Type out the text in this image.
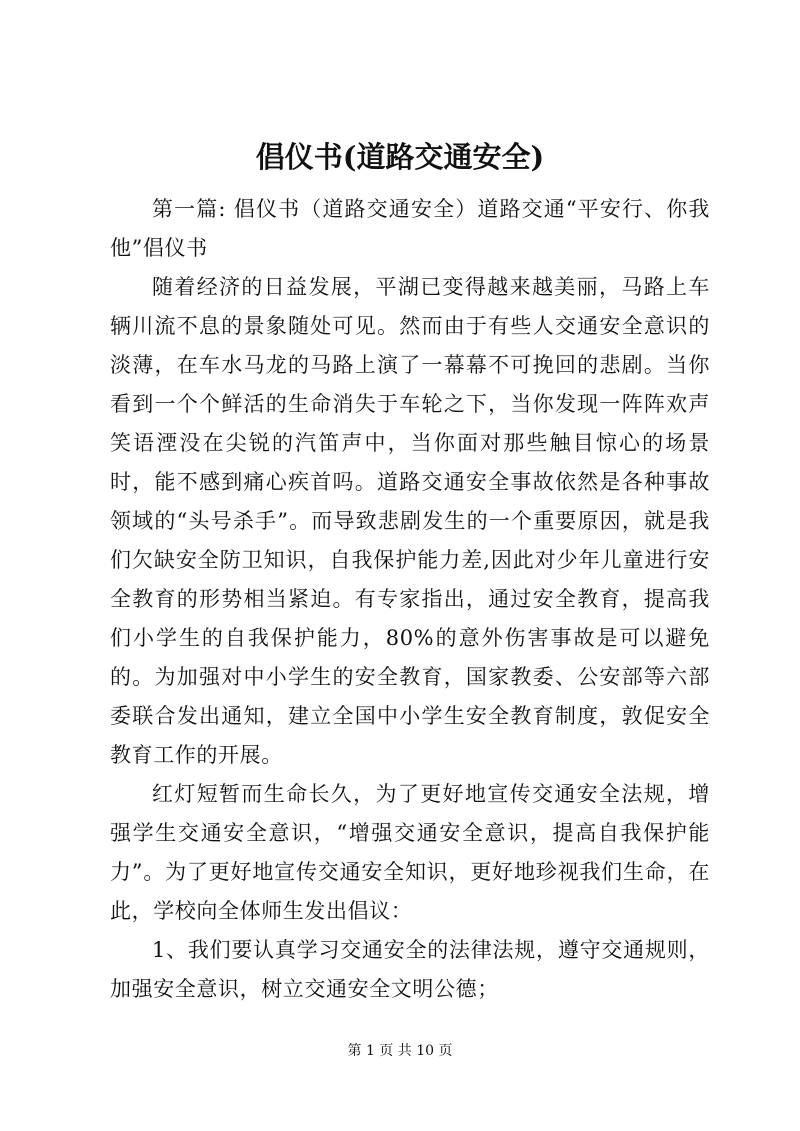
倡仪书(道路交通安全)

第一篇: 倡仪书（道路交通安全）道路交通“平安行、你我他”倡仪书

随着经济的日益发展，平湖已变得越来越美丽，马路上车辆川流不息的景象随处可见。然而由于有些人交通安全意识的淡薄，在车水马龙的马路上演了一幕幕不可挽回的悲剧。当你看到一个个鲜活的生命消失于车轮之下，当你发现一阵阵欢声笑语湮没在尖锐的汽笛声中，当你面对那些触目惊心的场景时，能不感到痛心疾首吗。道路交通安全事故依然是各种事故领域的“头号杀手”。而导致悲剧发生的一个重要原因，就是我们欠缺安全防卫知识，自我保护能力差,因此对少年儿童进行安全教育的形势相当紧迫。有专家指出，通过安全教育，提高我们小学生的自我保护能力，80%的意外伤害事故是可以避免的。为加强对中小学生的安全教育，国家教委、公安部等六部委联合发出通知，建立全国中小学生安全教育制度，敦促安全教育工作的开展。

红灯短暂而生命长久，为了更好地宣传交通安全法规，增强学生交通安全意识，“增强交通安全意识，提高自我保护能力”。为了更好地宣传交通安全知识，更好地珍视我们生命，在此，学校向全体师生发出倡议：

1、我们要认真学习交通安全的法律法规，遵守交通规则，加强安全意识，树立交通安全文明公德；

第 1 页 共 10 页
